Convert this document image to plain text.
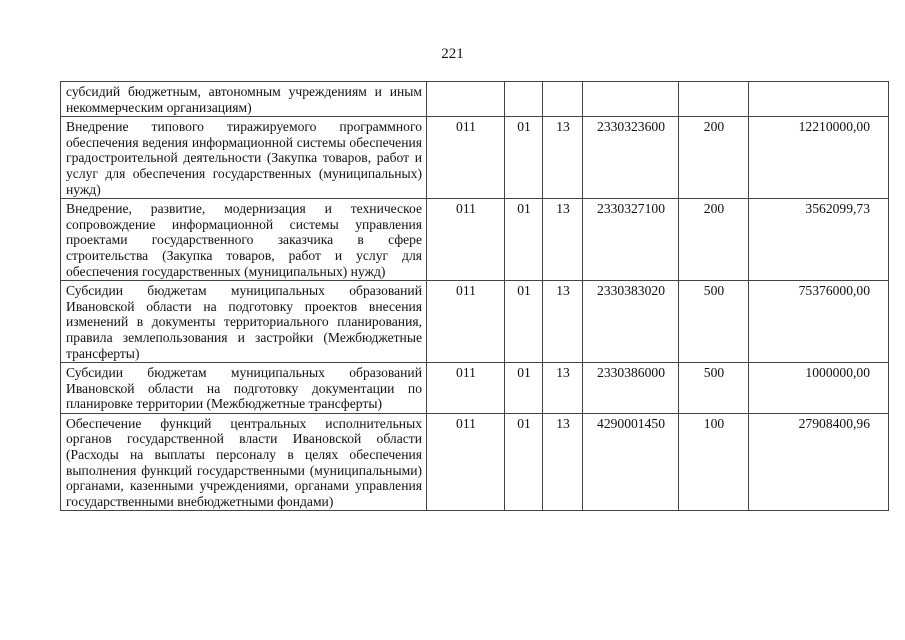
221
субсидий бюджетным, автономным учреждениям и иным некоммерческим организациям)						
Внедрение типового тиражируемого программного обеспечения ведения информационной системы обеспечения градостроительной деятельности (Закупка товаров, работ и услуг для обеспечения государственных (муниципальных) нужд)	011	01	13	2330323600	200	12210000,00
Внедрение, развитие, модернизация и техническое сопровождение информационной системы управления проектами государственного заказчика в сфере строительства (Закупка товаров, работ и услуг для обеспечения государственных (муниципальных) нужд)	011	01	13	2330327100	200	3562099,73
Субсидии бюджетам муниципальных образований Ивановской области на подготовку проектов внесения изменений в документы территориального планирования, правила землепользования и застройки (Межбюджетные трансферты)	011	01	13	2330383020	500	75376000,00
Субсидии бюджетам муниципальных образований Ивановской области на подготовку документации по планировке территории (Межбюджетные трансферты)	011	01	13	2330386000	500	1000000,00
Обеспечение функций центральных исполнительных органов государственной власти Ивановской области (Расходы на выплаты персоналу в целях обеспечения выполнения функций государственными (муниципальными) органами, казенными учреждениями, органами управления государственными внебюджетными фондами)	011	01	13	4290001450	100	27908400,96
